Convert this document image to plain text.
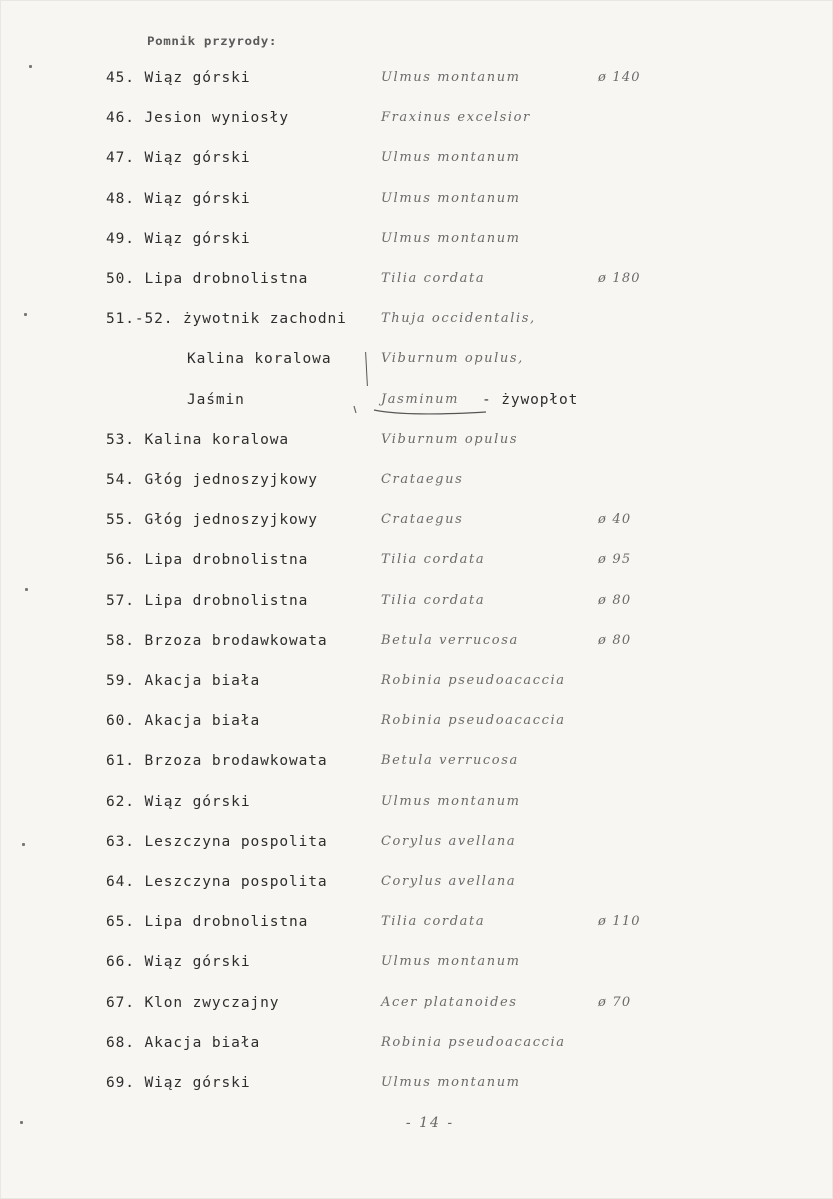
Pomnik przyrody:
45. Wiąz górski	Ulmus montanum	ø 140
46. Jesion wyniosły	Fraxinus excelsior
47. Wiąz górski	Ulmus montanum
48. Wiąz górski	Ulmus montanum
49. Wiąz górski	Ulmus montanum
50. Lipa drobnolistna	Tilia cordata	ø 180
51.-52. żywotnik zachodni	Thuja occidentalis,
Kalina koralowa	Viburnum opulus,
Jaśmin	Jasminum - żywopłot
53. Kalina koralowa	Viburnum opulus
54. Głóg jednoszyjkowy	Crataegus
55. Głóg jednoszyjkowy	Crataegus	ø 40
56. Lipa drobnolistna	Tilia cordata	ø 95
57. Lipa drobnolistna	Tilia cordata	ø 80
58. Brzoza brodawkowata	Betula verrucosa	ø 80
59. Akacja biała	Robinia pseudoacaccia
60. Akacja biała	Robinia pseudoacaccia
61. Brzoza brodawkowata	Betula verrucosa
62. Wiąz górski	Ulmus montanum
63. Leszczyna pospolita	Corylus avellana
64. Leszczyna pospolita	Corylus avellana
65. Lipa drobnolistna	Tilia cordata	ø 110
66. Wiąz górski	Ulmus montanum
67. Klon zwyczajny	Acer platanoides	ø 70
68. Akacja biała	Robinia pseudoacaccia
69. Wiąz górski	Ulmus montanum
- 14 -
